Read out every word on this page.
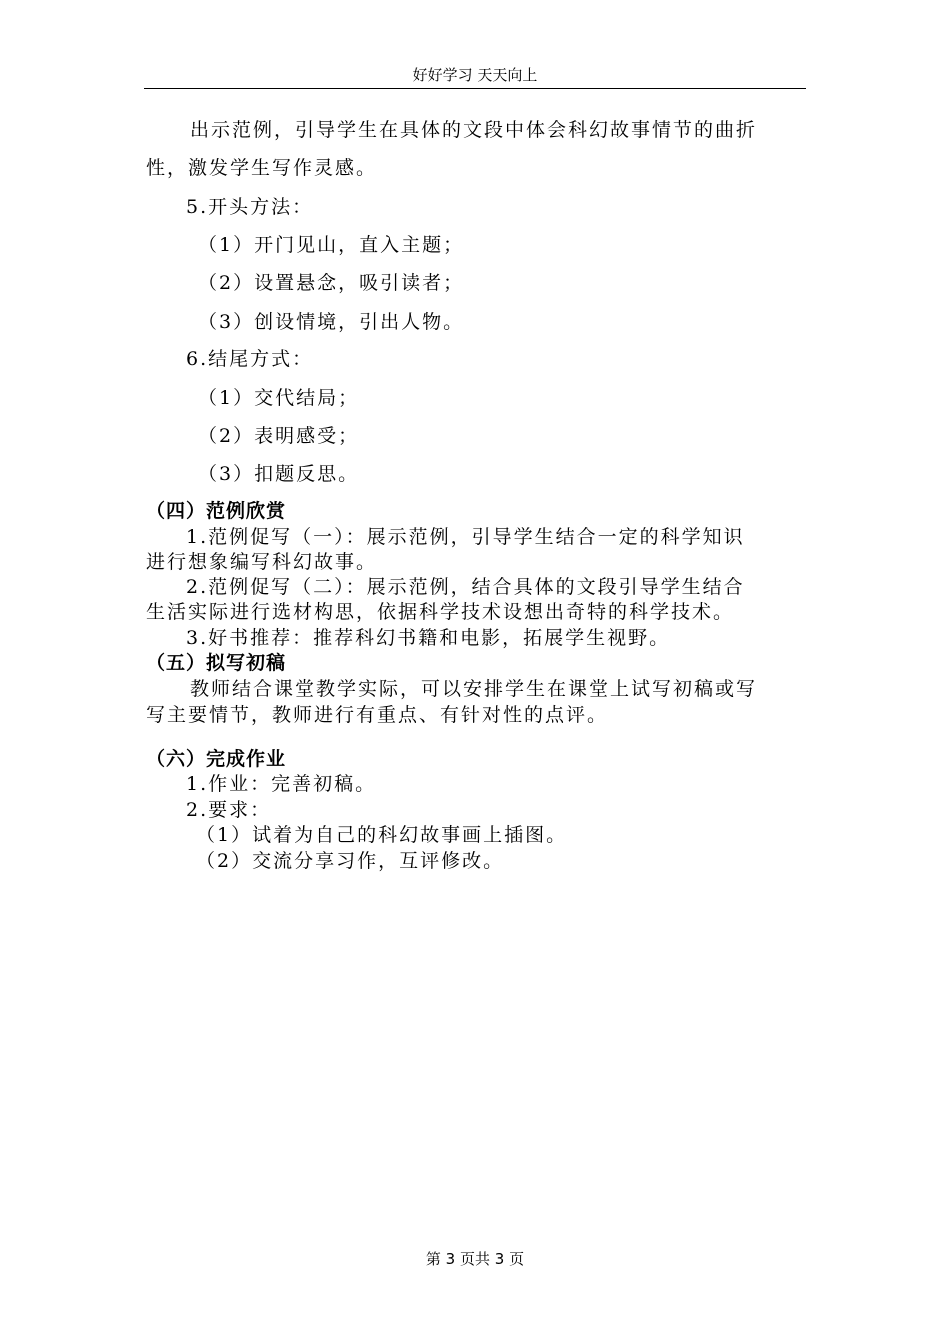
好好学习 天天向上
出示范例，引导学生在具体的文段中体会科幻故事情节的曲折
性，激发学生写作灵感。
5.开头方法：
（1）开门见山，直入主题；
（2）设置悬念，吸引读者；
（3）创设情境，引出人物。
6.结尾方式：
（1）交代结局；
（2）表明感受；
（3）扣题反思。
（四）范例欣赏
1.范例促写（一）：展示范例，引导学生结合一定的科学知识
进行想象编写科幻故事。
2.范例促写（二）：展示范例，结合具体的文段引导学生结合
生活实际进行选材构思，依据科学技术设想出奇特的科学技术。
3.好书推荐：推荐科幻书籍和电影，拓展学生视野。
（五）拟写初稿
教师结合课堂教学实际，可以安排学生在课堂上试写初稿或写
写主要情节，教师进行有重点、有针对性的点评。
（六）完成作业
1.作业：完善初稿。
2.要求：
（1）试着为自己的科幻故事画上插图。
（2）交流分享习作，互评修改。
第 3 页共 3 页
